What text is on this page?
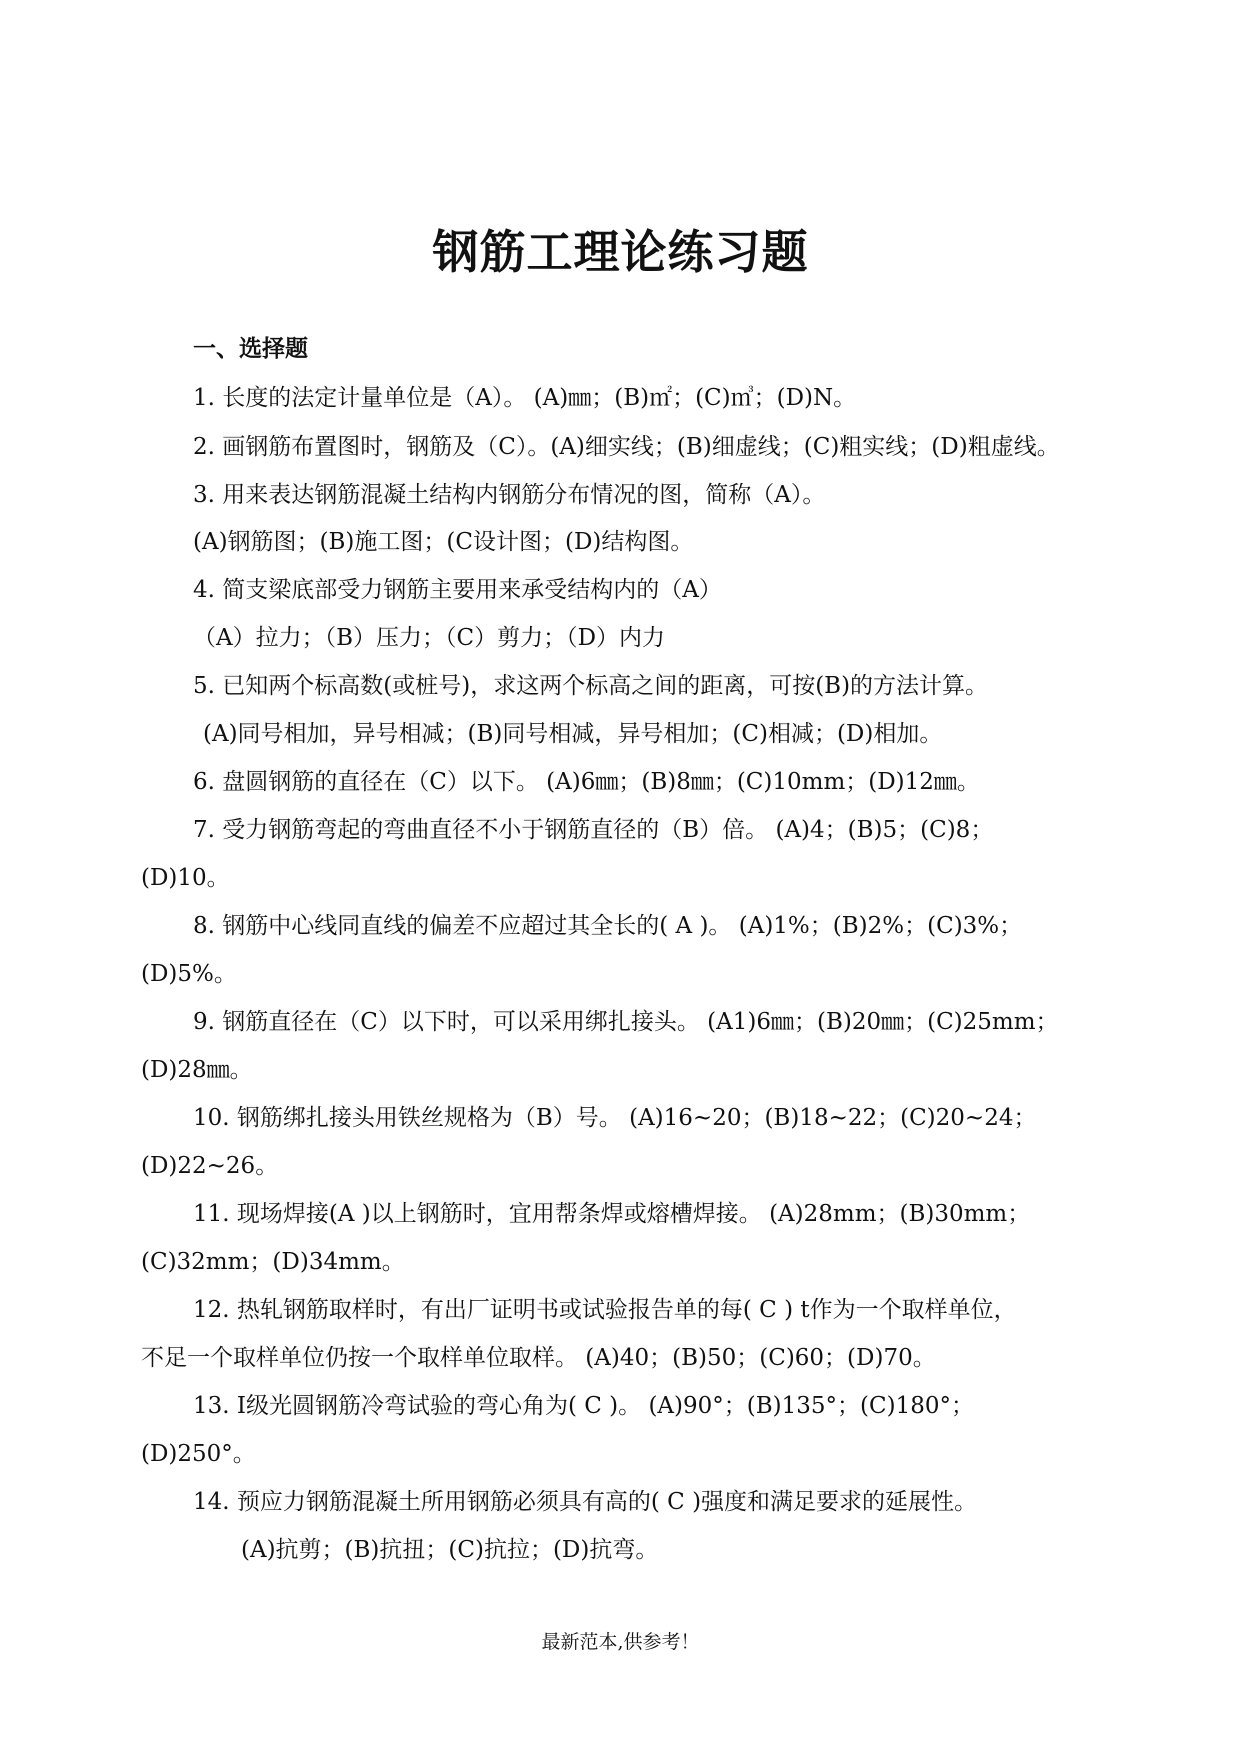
钢筋工理论练习题
一、选择题
1. 长度的法定计量单位是（A）。 (A)㎜；(B)㎡；(C)㎥；(D)N。
2. 画钢筋布置图时，钢筋及（C）。(A)细实线；(B)细虚线；(C)粗实线；(D)粗虚线。
3. 用来表达钢筋混凝土结构内钢筋分布情况的图，简称（A）。
(A)钢筋图；(B)施工图；(C设计图；(D)结构图。
4. 简支梁底部受力钢筋主要用来承受结构内的（A）
（A）拉力；（B）压力；（C）剪力；（D）内力
5. 已知两个标高数(或桩号)，求这两个标高之间的距离，可按(B)的方法计算。
(A)同号相加，异号相减；(B)同号相减，异号相加；(C)相减；(D)相加。
6. 盘圆钢筋的直径在（C）以下。 (A)6㎜；(B)8㎜；(C)10mm；(D)12㎜。
7. 受力钢筋弯起的弯曲直径不小于钢筋直径的（B）倍。 (A)4；(B)5；(C)8；
(D)10。
8. 钢筋中心线同直线的偏差不应超过其全长的( A )。 (A)1%；(B)2%；(C)3%；
(D)5%。
9. 钢筋直径在（C）以下时，可以采用绑扎接头。 (A1)6㎜；(B)20㎜；(C)25mm；
(D)28㎜。
10. 钢筋绑扎接头用铁丝规格为（B）号。 (A)16~20；(B)18~22；(C)20~24；
(D)22~26。
11. 现场焊接(A )以上钢筋时，宜用帮条焊或熔槽焊接。 (A)28mm；(B)30mm；
(C)32mm；(D)34mm。
12. 热轧钢筋取样时，有出厂证明书或试验报告单的每( C ) t作为一个取样单位，
不足一个取样单位仍按一个取样单位取样。 (A)40；(B)50；(C)60；(D)70。
13. Ⅰ级光圆钢筋冷弯试验的弯心角为( C )。 (A)90°；(B)135°；(C)180°；
(D)250°。
14. 预应力钢筋混凝土所用钢筋必须具有高的( C )强度和满足要求的延展性。
(A)抗剪；(B)抗扭；(C)抗拉；(D)抗弯。
最新范本,供参考！
